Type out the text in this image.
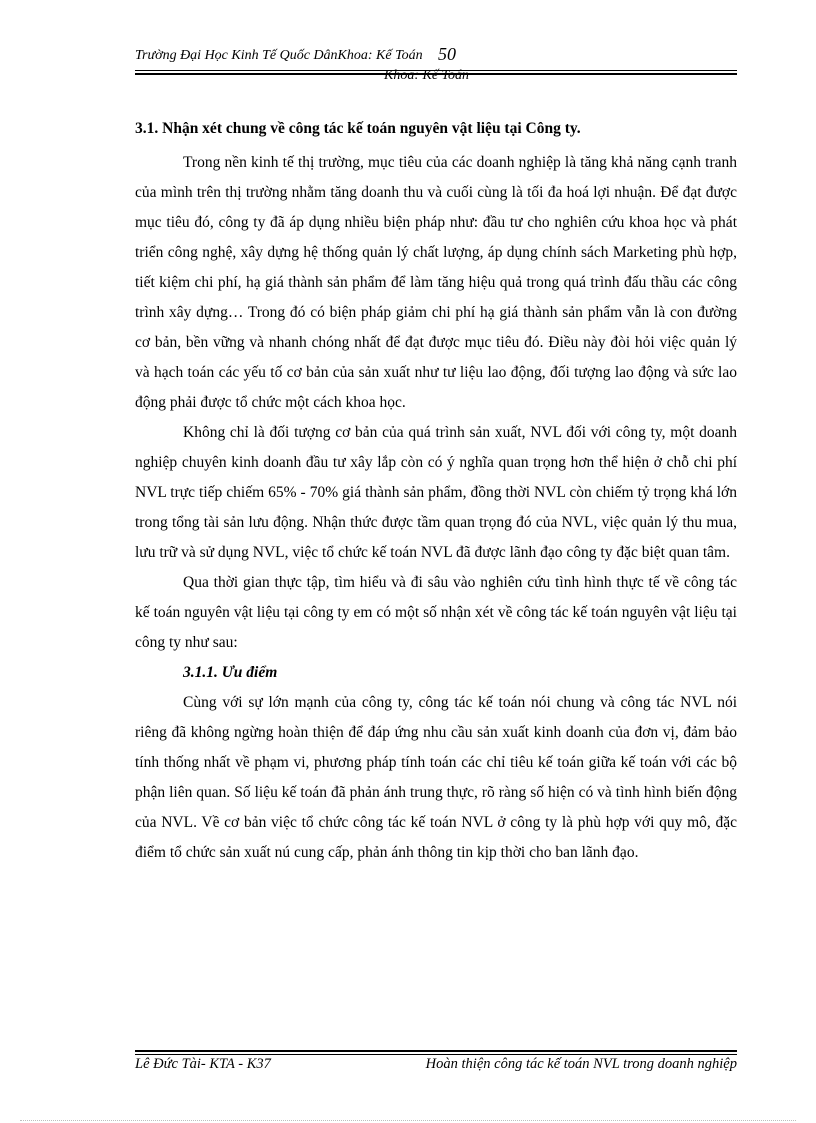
Trường Đại Học Kinh Tế Quốc DânKhoa: Kế Toán 50
Khoa: Kế Toán

3.1. Nhận xét chung về công tác kế toán nguyên vật liệu tại Công ty.

Trong nền kinh tế thị trường, mục tiêu của các doanh nghiệp là tăng khả năng cạnh tranh của mình trên thị trường nhằm tăng doanh thu và cuối cùng là tối đa hoá lợi nhuận. Để đạt được mục tiêu đó, công ty đã áp dụng nhiều biện pháp như: đầu tư cho nghiên cứu khoa học và phát triển công nghệ, xây dựng hệ thống quản lý chất lượng, áp dụng chính sách Marketing phù hợp, tiết kiệm chi phí, hạ giá thành sản phẩm để làm tăng hiệu quả trong quá trình đấu thầu các công trình xây dựng… Trong đó có biện pháp giảm chi phí hạ giá thành sản phẩm vẫn là con đường cơ bản, bền vững và nhanh chóng nhất để đạt được mục tiêu đó. Điều này đòi hỏi việc quản lý và hạch toán các yếu tố cơ bản của sản xuất như tư liệu lao động, đối tượng lao động và sức lao động phải được tổ chức một cách khoa học.

Không chỉ là đối tượng cơ bản của quá trình sản xuất, NVL đối với công ty, một doanh nghiệp chuyên kinh doanh đầu tư xây lắp còn có ý nghĩa quan trọng hơn thể hiện ở chỗ chi phí NVL trực tiếp chiếm 65% - 70% giá thành sản phẩm, đồng thời NVL còn chiếm tỷ trọng khá lớn trong tổng tài sản lưu động. Nhận thức được tầm quan trọng đó của NVL, việc quản lý thu mua, lưu trữ và sử dụng NVL, việc tổ chức kế toán NVL đã được lãnh đạo công ty đặc biệt quan tâm.

Qua thời gian thực tập, tìm hiểu và đi sâu vào nghiên cứu tình hình thực tế về công tác kế toán nguyên vật liệu tại công ty em có một số nhận xét về công tác kế toán nguyên vật liệu tại công ty như sau:

3.1.1. Ưu điểm

Cùng với sự lớn mạnh của công ty, công tác kế toán nói chung và công tác NVL nói riêng đã không ngừng hoàn thiện để đáp ứng nhu cầu sản xuất kinh doanh của đơn vị, đảm bảo tính thống nhất về phạm vi, phương pháp tính toán các chỉ tiêu kế toán giữa kế toán với các bộ phận liên quan. Số liệu kế toán đã phản ánh trung thực, rõ ràng số hiện có và tình hình biến động của NVL. Về cơ bản việc tổ chức công tác kế toán NVL ở công ty là phù hợp với quy mô, đặc điểm tổ chức sản xuất nú cung cấp, phản ánh thông tin kịp thời cho ban lãnh đạo.

Lê Đức Tài- KTA - K37	Hoàn thiện công tác kế toán NVL trong doanh nghiệp
